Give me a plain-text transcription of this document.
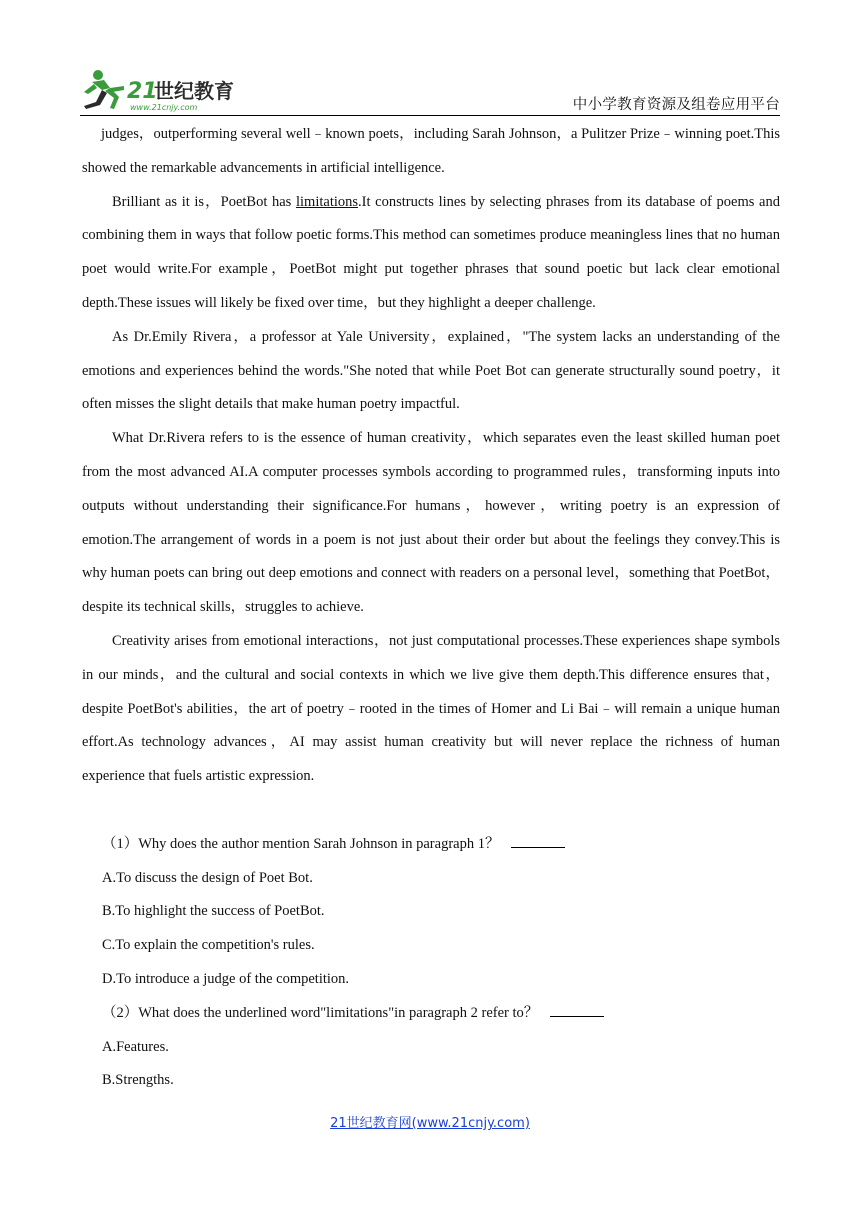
21
世纪教育
www.21cnjy.com	中小学教育资源及组卷应用平台

judges，outperforming several well﹣known poets，including Sarah Johnson，a Pulitzer Prize﹣winning poet.This showed the remarkable advancements in artificial intelligence.

Brilliant as it is，PoetBot has limitations.It constructs lines by selecting phrases from its database of poems and combining them in ways that follow poetic forms.This method can sometimes produce meaningless lines that no human poet would write.For example，PoetBot might put together phrases that sound poetic but lack clear emotional depth.These issues will likely be fixed over time，but they highlight a deeper challenge.

As Dr.Emily Rivera，a professor at Yale University，explained，"The system lacks an understanding of the emotions and experiences behind the words."She noted that while Poet Bot can generate structurally sound poetry，it often misses the slight details that make human poetry impactful.

What Dr.Rivera refers to is the essence of human creativity，which separates even the least skilled human poet from the most advanced AI.A computer processes symbols according to programmed rules，transforming inputs into outputs without understanding their significance.For humans，however，writing poetry is an expression of emotion.The arrangement of words in a poem is not just about their order but about the feelings they convey.This is why human poets can bring out deep emotions and connect with readers on a personal level，something that PoetBot，despite its technical skills，struggles to achieve.

Creativity arises from emotional interactions，not just computational processes.These experiences shape symbols in our minds，and the cultural and social contexts in which we live give them depth.This difference ensures that，despite PoetBot's abilities，the art of poetry﹣rooted in the times of Homer and Li Bai﹣will remain a unique human effort.As technology advances，AI may assist human creativity but will never replace the richness of human experience that fuels artistic expression.

（1）Why does the author mention Sarah Johnson in paragraph 1？

A.To discuss the design of Poet Bot.

B.To highlight the success of PoetBot.

C.To explain the competition's rules.

D.To introduce a judge of the competition.

（2）What does the underlined word"limitations"in paragraph 2 refer to？

A.Features.

B.Strengths.

21世纪教育网(www.21cnjy.com)
